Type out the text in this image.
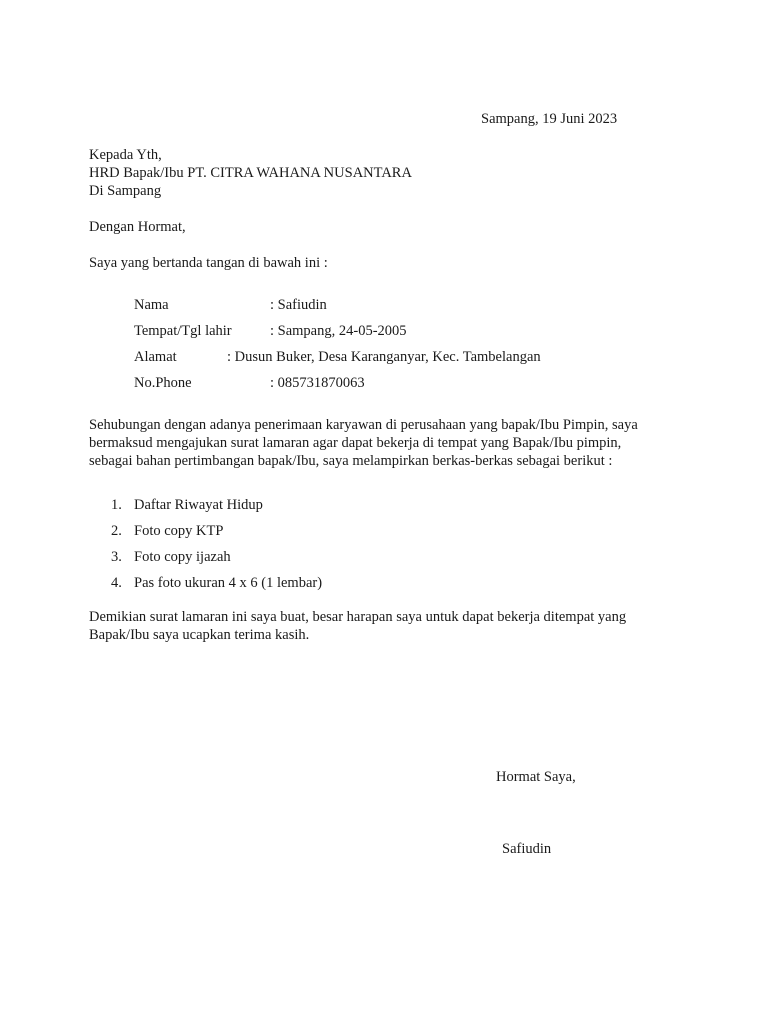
Sampang, 19 Juni 2023
Kepada Yth,
HRD Bapak/Ibu PT. CITRA WAHANA NUSANTARA
Di Sampang
Dengan Hormat,
Saya yang bertanda tangan di bawah ini :
Nama	: Safiudin
Tempat/Tgl lahir	: Sampang, 24-05-2005
Alamat	: Dusun Buker, Desa Karanganyar, Kec. Tambelangan
No.Phone	: 085731870063
Sehubungan dengan adanya penerimaan karyawan di perusahaan yang bapak/Ibu Pimpin, saya
bermaksud mengajukan surat lamaran agar dapat bekerja di tempat yang Bapak/Ibu pimpin,
sebagai bahan pertimbangan bapak/Ibu, saya melampirkan berkas-berkas sebagai berikut :
1. Daftar Riwayat Hidup
2. Foto copy KTP
3. Foto copy ijazah
4. Pas foto ukuran 4 x 6 (1 lembar)
Demikian surat lamaran ini saya buat, besar harapan saya untuk dapat bekerja ditempat yang
Bapak/Ibu saya ucapkan terima kasih.
Hormat Saya,
Safiudin
